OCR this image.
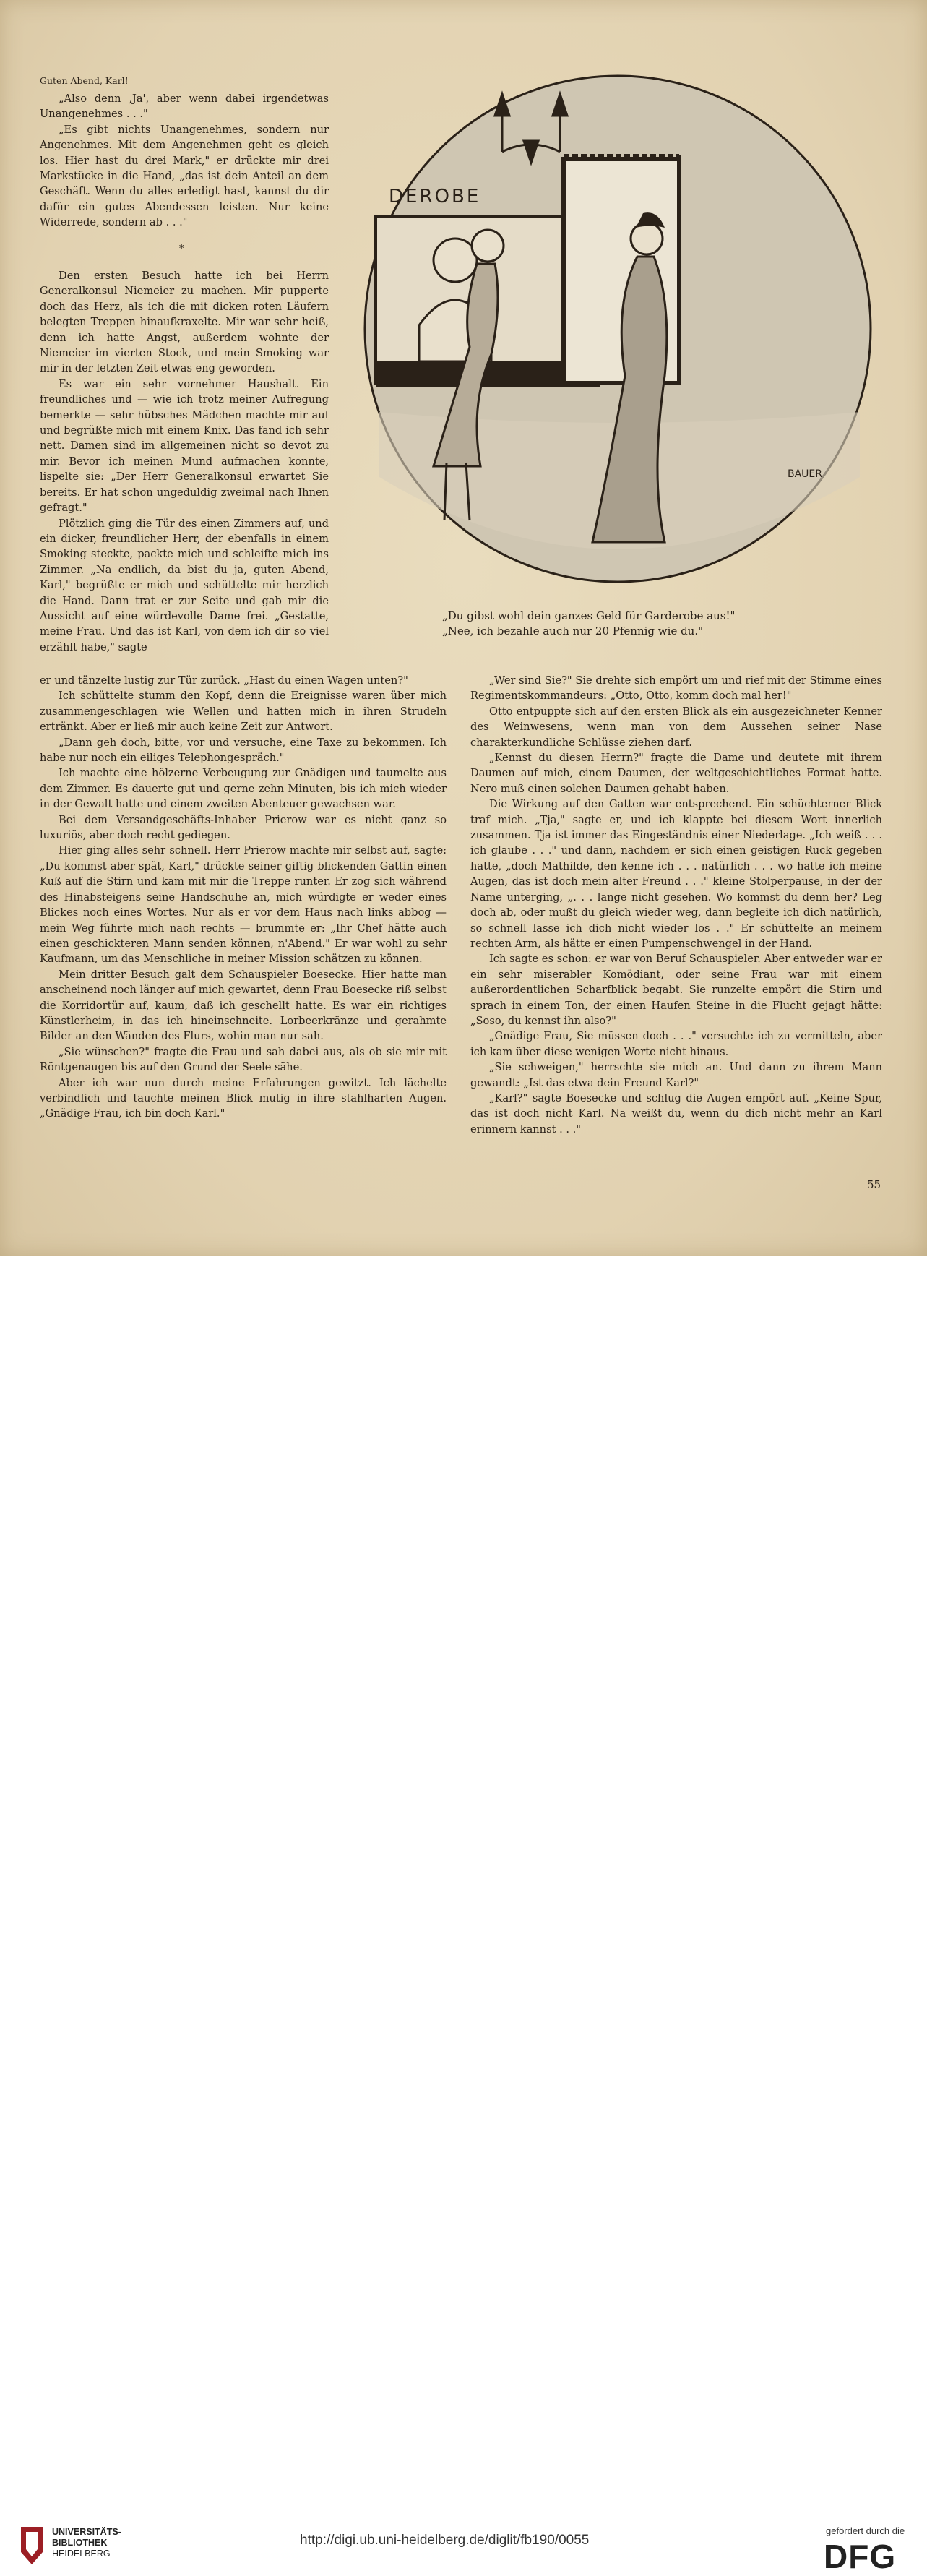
Guten Abend, Karl!

„Also denn ‚Ja', aber wenn dabei irgendetwas Unangenehmes . . ."

„Es gibt nichts Unangenehmes, sondern nur Angenehmes. Mit dem Angenehmen geht es gleich los. Hier hast du drei Mark," er drückte mir drei Markstücke in die Hand, „das ist dein Anteil an dem Geschäft. Wenn du alles erledigt hast, kannst du dir dafür ein gutes Abendessen leisten. Nur keine Widerrede, sondern ab . . ."

*

Den ersten Besuch hatte ich bei Herrn Generalkonsul Niemeier zu machen. Mir pupperte doch das Herz, als ich die mit dicken roten Läufern belegten Treppen hinaufkraxelte. Mir war sehr heiß, denn ich hatte Angst, außerdem wohnte der Niemeier im vierten Stock, und mein Smoking war mir in der letzten Zeit etwas eng geworden.

Es war ein sehr vornehmer Haushalt. Ein freundliches und — wie ich trotz meiner Aufregung bemerkte — sehr hübsches Mädchen machte mir auf und begrüßte mich mit einem Knix. Das fand ich sehr nett. Damen sind im allgemeinen nicht so devot zu mir. Bevor ich meinen Mund aufmachen konnte, lispelte sie: „Der Herr Generalkonsul erwartet Sie bereits. Er hat schon ungeduldig zweimal nach Ihnen gefragt."

Plötzlich ging die Tür des einen Zimmers auf, und ein dicker, freundlicher Herr, der ebenfalls in einem Smoking steckte, packte mich und schleifte mich ins Zimmer. „Na endlich, da bist du ja, guten Abend, Karl," begrüßte er mich und schüttelte mir herzlich die Hand. Dann trat er zur Seite und gab mir die Aussicht auf eine würdevolle Dame frei. „Gestatte, meine Frau. Und das ist Karl, von dem ich dir so viel erzählt habe," sagte

er und tänzelte lustig zur Tür zurück. „Hast du einen Wagen unten?"

Ich schüttelte stumm den Kopf, denn die Ereignisse waren über mich zusammengeschlagen wie Wellen und hatten mich in ihren Strudeln ertränkt. Aber er ließ mir auch keine Zeit zur Antwort.

„Dann geh doch, bitte, vor und versuche, eine Taxe zu bekommen. Ich habe nur noch ein eiliges Telephongespräch."

Ich machte eine hölzerne Verbeugung zur Gnädigen und taumelte aus dem Zimmer. Es dauerte gut und gerne zehn Minuten, bis ich mich wieder in der Gewalt hatte und einem zweiten Abenteuer gewachsen war.

Bei dem Versandgeschäfts-Inhaber Prierow war es nicht ganz so luxuriös, aber doch recht gediegen.

Hier ging alles sehr schnell. Herr Prierow machte mir selbst auf, sagte: „Du kommst aber spät, Karl," drückte seiner giftig blickenden Gattin einen Kuß auf die Stirn und kam mit mir die Treppe runter. Er zog sich während des Hinabsteigens seine Handschuhe an, mich würdigte er weder eines Blickes noch eines Wortes. Nur als er vor dem Haus nach links abbog — mein Weg führte mich nach rechts — brummte er: „Ihr Chef hätte auch einen geschickteren Mann senden können, n'Abend." Er war wohl zu sehr Kaufmann, um das Menschliche in meiner Mission schätzen zu können.

Mein dritter Besuch galt dem Schauspieler Boesecke. Hier hatte man anscheinend noch länger auf mich gewartet, denn Frau Boesecke riß selbst die Korridortür auf, kaum, daß ich geschellt hatte. Es war ein richtiges Künstlerheim, in das ich hineinschneite. Lorbeerkränze und gerahmte Bilder an den Wänden des Flurs, wohin man nur sah.

„Sie wünschen?" fragte die Frau und sah dabei aus, als ob sie mir mit Röntgenaugen bis auf den Grund der Seele sähe.

Aber ich war nun durch meine Erfahrungen gewitzt. Ich lächelte verbindlich und tauchte meinen Blick mutig in ihre stahlharten Augen. „Gnädige Frau, ich bin doch Karl."

„Wer sind Sie?" Sie drehte sich empört um und rief mit der Stimme eines Regimentskommandeurs: „Otto, Otto, komm doch mal her!"

Otto entpuppte sich auf den ersten Blick als ein ausgezeichneter Kenner des Weinwesens, wenn man von dem Aussehen seiner Nase charakterkundliche Schlüsse ziehen darf.

„Kennst du diesen Herrn?" fragte die Dame und deutete mit ihrem Daumen auf mich, einem Daumen, der weltgeschichtliches Format hatte. Nero muß einen solchen Daumen gehabt haben.

Die Wirkung auf den Gatten war entsprechend. Ein schüchterner Blick traf mich. „Tja," sagte er, und ich klappte bei diesem Wort innerlich zusammen. Tja ist immer das Eingeständnis einer Niederlage. „Ich weiß . . . ich glaube . . ." und dann, nachdem er sich einen geistigen Ruck gegeben hatte, „doch Mathilde, den kenne ich . . . natürlich . . . wo hatte ich meine Augen, das ist doch mein alter Freund . . ." kleine Stolperpause, in der der Name unterging, „. . . lange nicht gesehen. Wo kommst du denn her? Leg doch ab, oder mußt du gleich wieder weg, dann begleite ich dich natürlich, so schnell lasse ich dich nicht wieder los . ." Er schüttelte an meinem rechten Arm, als hätte er einen Pumpenschwengel in der Hand.

Ich sagte es schon: er war von Beruf Schauspieler. Aber entweder war er ein sehr miserabler Komödiant, oder seine Frau war mit einem außerordentlichen Scharfblick begabt. Sie runzelte empört die Stirn und sprach in einem Ton, der einen Haufen Steine in die Flucht gejagt hätte: „Soso, du kennst ihn also?"

„Gnädige Frau, Sie müssen doch . . ." versuchte ich zu vermitteln, aber ich kam über diese wenigen Worte nicht hinaus.

„Sie schweigen," herrschte sie mich an. Und dann zu ihrem Mann gewandt: „Ist das etwa dein Freund Karl?"

„Karl?" sagte Boesecke und schlug die Augen empört auf. „Keine Spur, das ist doch nicht Karl. Na weißt du, wenn du dich nicht mehr an Karl erinnern kannst . . ."

DEROBE
BAUER
„Du gibst wohl dein ganzes Geld für Garderobe aus!"
„Nee, ich bezahle auch nur 20 Pfennig wie du."
55
UNIVERSITÄTS-
BIBLIOTHEK
HEIDELBERG
http://digi.ub.uni-heidelberg.de/diglit/fb190/0055
gefördert durch die
DFG
